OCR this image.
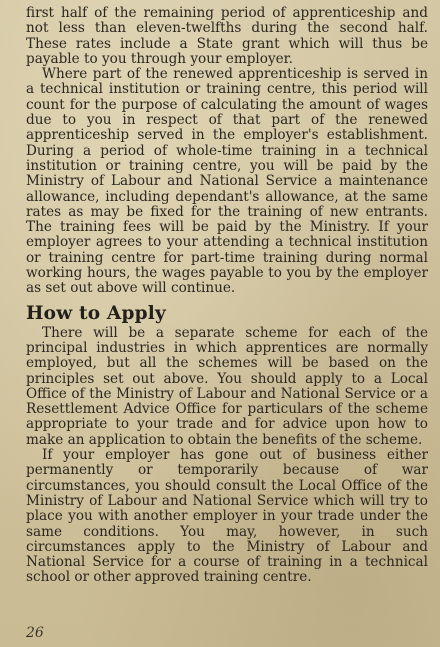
first half of the remaining period of apprenticeship and not less than eleven-twelfths during the second half. These rates include a State grant which will thus be payable to you through your employer.

Where part of the renewed apprenticeship is served in a technical institution or training centre, this period will count for the purpose of calculating the amount of wages due to you in respect of that part of the renewed apprenticeship served in the employer's establishment. During a period of whole-time training in a technical institution or training centre, you will be paid by the Ministry of Labour and National Service a maintenance allowance, including dependant's allowance, at the same rates as may be fixed for the training of new entrants. The training fees will be paid by the Ministry. If your employer agrees to your attending a technical institution or training centre for part-time training during normal working hours, the wages payable to you by the employer as set out above will continue.

How to Apply

There will be a separate scheme for each of the principal industries in which apprentices are normally employed, but all the schemes will be based on the principles set out above. You should apply to a Local Office of the Ministry of Labour and National Service or a Resettlement Advice Office for particulars of the scheme appropriate to your trade and for advice upon how to make an application to obtain the benefits of the scheme.

If your employer has gone out of business either permanently or temporarily because of war circumstances, you should consult the Local Office of the Ministry of Labour and National Service which will try to place you with another employer in your trade under the same conditions. You may, however, in such circumstances apply to the Ministry of Labour and National Service for a course of training in a technical school or other approved training centre.

26
